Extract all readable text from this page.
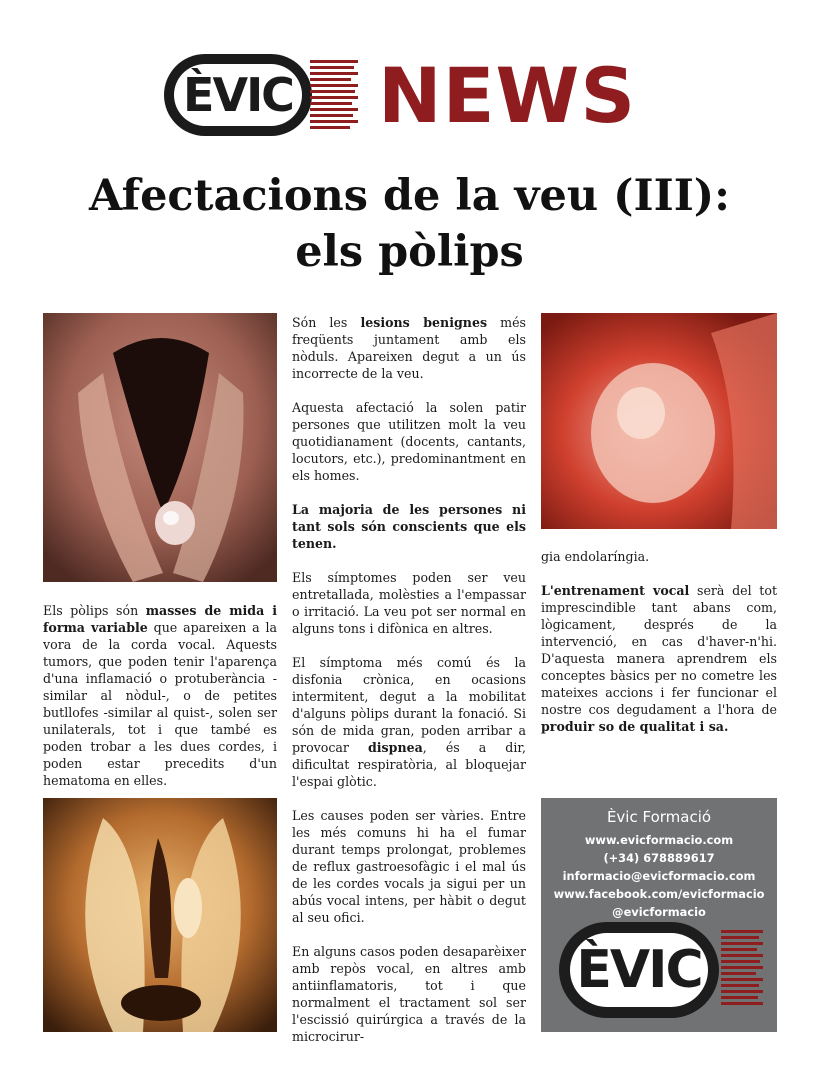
ÈVIC NEWS
Afectacions de la veu (III):
els pòlips

Els pòlips són masses de mida i forma variable que apareixen a la vora de la corda vocal. Aquests tumors, que poden tenir l'aparença d'una inflamació o protuberància -similar al nòdul-, o de petites butllofes -similar al quist-, solen ser unilaterals, tot i que també es poden trobar a les dues cordes, i poden estar precedits d'un hematoma en elles.

Són les lesions benignes més freqüents juntament amb els nòduls. Apareixen degut a un ús incorrecte de la veu.

Aquesta afectació la solen patir persones que utilitzen molt la veu quotidianament (docents, cantants, locutors, etc.), predominantment en els homes.

La majoria de les persones ni tant sols són conscients que els tenen.

Els símptomes poden ser veu entretallada, molèsties a l'empassar o irritació. La veu pot ser normal en alguns tons i difònica en altres.

El símptoma més comú és la disfonia crònica, en ocasions intermitent, degut a la mobilitat d'alguns pòlips durant la fonació. Si són de mida gran, poden arribar a provocar dispnea, és a dir, dificultat respiratòria, al bloquejar l'espai glòtic.

Les causes poden ser vàries. Entre les més comuns hi ha el fumar durant temps prolongat, problemes de reflux gastroesofàgic i el mal ús de les cordes vocals ja sigui per un abús vocal intens, per hàbit o degut al seu ofici.

En alguns casos poden desaparèixer amb repòs vocal, en altres amb antiinflamatoris, tot i que normalment el tractament sol ser l'escissió quirúrgica a través de la microcirur-

gia endolaríngia.

L'entrenament vocal serà del tot imprescindible tant abans com, lògicament, després de la intervenció, en cas d'haver-n'hi. D'aquesta manera aprendrem els conceptes bàsics per no cometre les mateixes accions i fer funcionar el nostre cos degudament a l'hora de produir so de qualitat i sa.

Èvic Formació
www.evicformacio.com
(+34) 678889617
informacio@evicformacio.com
www.facebook.com/evicformacio
@evicformacio
ÈVIC
